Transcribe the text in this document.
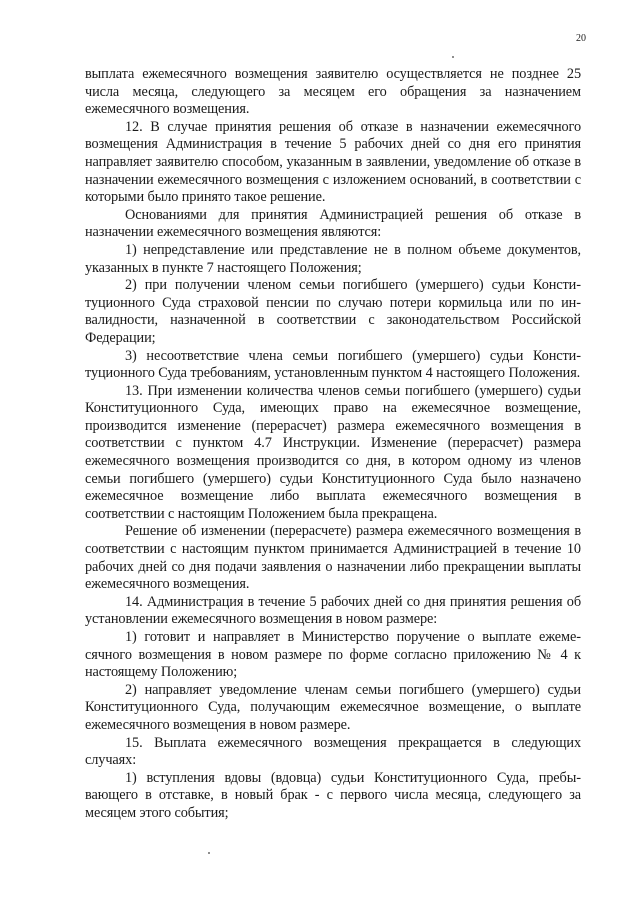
20

выплата ежемесячного возмещения заявителю осуществляется не позднее 25 числа месяца, следующего за месяцем его обращения за назначением ежемесячного возмещения.

12. В случае принятия решения об отказе в назначении ежемесячного возмещения Администрация в течение 5 рабочих дней со дня его принятия направляет заявителю способом, указанным в заявлении, уведомление об отказе в назначении ежемесячного возмещения с изложением оснований, в соответствии с которыми было принято такое решение.

Основаниями для принятия Администрацией решения об отказе в назначении ежемесячного возмещения являются:

1) непредставление или представление не в полном объеме документов, указанных в пункте 7 настоящего Положения;

2) при получении членом семьи погибшего (умершего) судьи Конституционного Суда страховой пенсии по случаю потери кормильца или по инвалидности, назначенной в соответствии с законодательством Российской Федерации;

3) несоответствие члена семьи погибшего (умершего) судьи Конституционного Суда требованиям, установленным пунктом 4 настоящего Положения.

13. При изменении количества членов семьи погибшего (умершего) судьи Конституционного Суда, имеющих право на ежемесячное возмещение, производится изменение (перерасчет) размера ежемесячного возмещения в соответствии с пунктом 4.7 Инструкции. Изменение (перерасчет) размера ежемесячного возмещения производится со дня, в котором одному из членов семьи погибшего (умершего) судьи Конституционного Суда было назначено ежемесячное возмещение либо выплата ежемесячного возмещения в соответствии с настоящим Положением была прекращена.

Решение об изменении (перерасчете) размера ежемесячного возмещения в соответствии с настоящим пунктом принимается Администрацией в течение 10 рабочих дней со дня подачи заявления о назначении либо прекращении выплаты ежемесячного возмещения.

14. Администрация в течение 5 рабочих дней со дня принятия решения об установлении ежемесячного возмещения в новом размере:

1) готовит и направляет в Министерство поручение о выплате ежемесячного возмещения в новом размере по форме согласно приложению № 4 к настоящему Положению;

2) направляет уведомление членам семьи погибшего (умершего) судьи Конституционного Суда, получающим ежемесячное возмещение, о выплате ежемесячного возмещения в новом размере.

15. Выплата ежемесячного возмещения прекращается в следующих случаях:

1) вступления вдовы (вдовца) судьи Конституционного Суда, пребывающего в отставке, в новый брак - с первого числа месяца, следующего за месяцем этого события;
